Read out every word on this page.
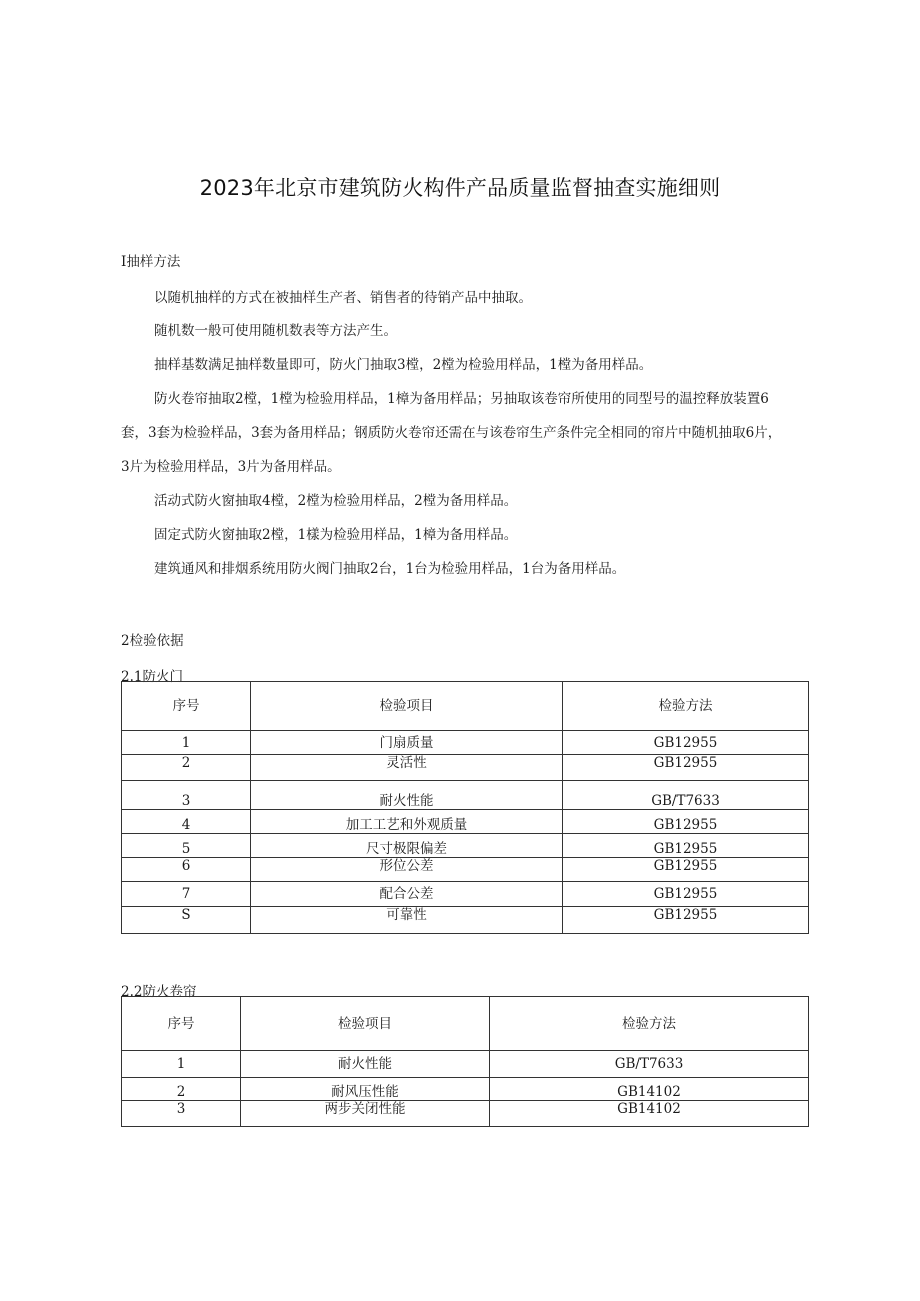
2023年北京市建筑防火构件产品质量监督抽查实施细则
I抽样方法
以随机抽样的方式在被抽样生产者、销售者的待销产品中抽取。
随机数一般可使用随机数表等方法产生。
抽样基数满足抽样数量即可，防火门抽取3樘，2樘为检验用样品，1樘为备用样品。
防火卷帘抽取2樘，1樘为检验用样品，1樟为备用样品；另抽取该卷帘所使用的同型号的温控释放装置6
套，3套为检验样品，3套为备用样品；钢质防火卷帘还需在与该卷帘生产条件完全相同的帘片中随机抽取6片，
3片为检验用样品，3片为备用样品。
活动式防火窗抽取4樘，2樘为检验用样品，2樘为备用样品。
固定式防火窗抽取2樘，1樣为检验用样品，1樟为备用样品。
建筑通风和排烟系统用防火阀门抽取2台，1台为检验用样品，1台为备用样品。
2检验依据
2.1防火门
序号	检验项目	检验方法
1	门扇质量	GB12955
2	灵活性	GB12955
3	耐火性能	GB/T7633
4	加工工艺和外观质量	GB12955
5	尺寸极限偏差	GB12955
6	形位公差	GB12955
7	配合公差	GB12955
S	可靠性	GB12955
2.2防火卷帘
序号	检验项目	检验方法
1	耐火性能	GB/T7633
2	耐风压性能	GB14102
3	两步关闭性能	GB14102
